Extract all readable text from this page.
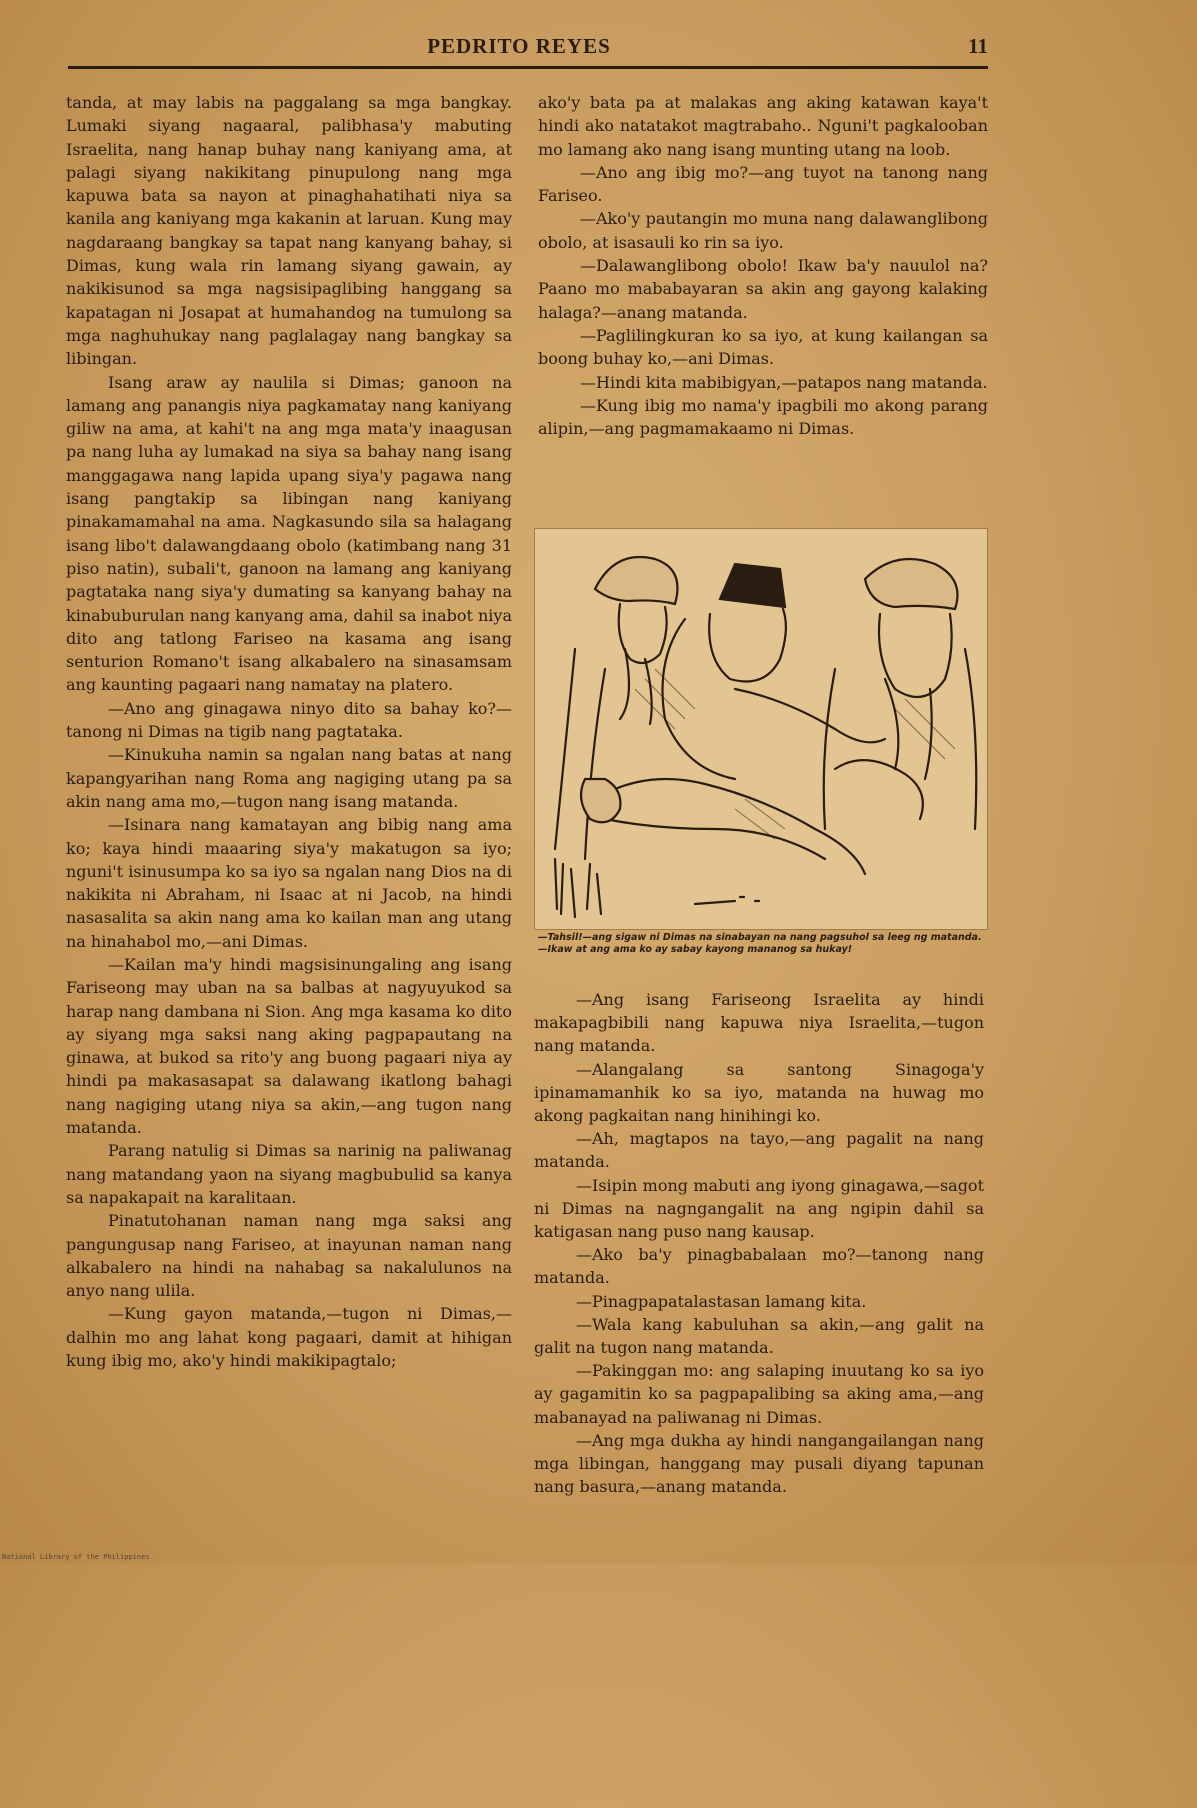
PEDRITO REYES	11

tanda, at may labis na paggalang sa mga bangkay. Lumaki siyang nagaaral, palibhasa'y mabuting Israelita, nang hanap buhay nang kaniyang ama, at palagi siyang nakikitang pinupulong nang mga kapuwa bata sa nayon at pinaghahatihati niya sa kanila ang kaniyang mga kakanin at laruan. Kung may nagdaraang bangkay sa tapat nang kanyang bahay, si Dimas, kung wala rin lamang siyang gawain, ay nakikisunod sa mga nagsisipaglibing hanggang sa kapatagan ni Josapat at humahandog na tumulong sa mga naghuhukay nang paglalagay nang bangkay sa libingan.

Isang araw ay naulila si Dimas; ganoon na lamang ang panangis niya pagkamatay nang kaniyang giliw na ama, at kahi't na ang mga mata'y inaagusan pa nang luha ay lumakad na siya sa bahay nang isang manggagawa nang lapida upang siya'y pagawa nang isang pangtakip sa libingan nang kaniyang pinakamamahal na ama. Nagkasundo sila sa halagang isang libo't dalawangdaang obolo (katimbang nang 31 piso natin), subali't, ganoon na lamang ang kaniyang pagtataka nang siya'y dumating sa kanyang bahay na kinabuburulan nang kanyang ama, dahil sa inabot niya dito ang tatlong Fariseo na kasama ang isang senturion Romano't isang alkabalero na sinasamsam ang kaunting pagaari nang namatay na platero.

—Ano ang ginagawa ninyo dito sa bahay ko?—tanong ni Dimas na tigib nang pagtataka.

—Kinukuha namin sa ngalan nang batas at nang kapangyarihan nang Roma ang nagiging utang pa sa akin nang ama mo,—tugon nang isang matanda.

—Isinara nang kamatayan ang bibig nang ama ko; kaya hindi maaaring siya'y makatugon sa iyo; nguni't isinusumpa ko sa iyo sa ngalan nang Dios na di nakikita ni Abraham, ni Isaac at ni Jacob, na hindi nasasalita sa akin nang ama ko kailan man ang utang na hinahabol mo,—ani Dimas.

—Kailan ma'y hindi magsisinungaling ang isang Fariseong may uban na sa balbas at nagyuyukod sa harap nang dambana ni Sion. Ang mga kasama ko dito ay siyang mga saksi nang aking pagpapautang na ginawa, at bukod sa rito'y ang buong pagaari niya ay hindi pa makasasapat sa dalawang ikatlong bahagi nang nagiging utang niya sa akin,—ang tugon nang matanda.

Parang natulig si Dimas sa narinig na paliwanag nang matandang yaon na siyang magbubulid sa kanya sa napakapait na karalitaan.

Pinatutohanan naman nang mga saksi ang pangungusap nang Fariseo, at inayunan naman nang alkabalero na hindi na nahabag sa nakalulunos na anyo nang ulila.

—Kung gayon matanda,—tugon ni Dimas,—dalhin mo ang lahat kong pagaari, damit at hihigan kung ibig mo, ako'y hindi makikipagtalo;

ako'y bata pa at malakas ang aking katawan kaya't hindi ako natatakot magtrabaho.. Nguni't pagkalooban mo lamang ako nang isang munting utang na loob.

—Ano ang ibig mo?—ang tuyot na tanong nang Fariseo.

—Ako'y pautangin mo muna nang dalawanglibong obolo, at isasauli ko rin sa iyo.

—Dalawanglibong obolo! Ikaw ba'y nauulol na? Paano mo mababayaran sa akin ang gayong kalaking halaga?—anang matanda.

—Paglilingkuran ko sa iyo, at kung kailangan sa boong buhay ko,—ani Dimas.

—Hindi kita mabibigyan,—patapos nang matanda.

—Kung ibig mo nama'y ipagbili mo akong parang alipin,—ang pagmamakaamo ni Dimas.

—Tahsil!—ang sigaw ni Dimas na sinabayan na nang pagsuhol sa leeg ng matanda.—Ikaw at ang ama ko ay sabay kayong mananog sa hukay!

—Ang isang Fariseong Israelita ay hindi makapagbibili nang kapuwa niya Israelita,—tugon nang matanda.

—Alangalang sa santong Sinagoga'y ipinamamanhik ko sa iyo, matanda na huwag mo akong pagkaitan nang hinihingi ko.

—Ah, magtapos na tayo,—ang pagalit na nang matanda.

—Isipin mong mabuti ang iyong ginagawa,—sagot ni Dimas na nagngangalit na ang ngipin dahil sa katigasan nang puso nang kausap.

—Ako ba'y pinagbabalaan mo?—tanong nang matanda.

—Pinagpapatalastasan lamang kita.

—Wala kang kabuluhan sa akin,—ang galit na galit na tugon nang matanda.

—Pakinggan mo: ang salaping inuutang ko sa iyo ay gagamitin ko sa pagpapalibing sa aking ama,—ang mabanayad na paliwanag ni Dimas.

—Ang mga dukha ay hindi nangangailangan nang mga libingan, hanggang may pusali diyang tapunan nang basura,—anang matanda.

National Library of the Philippines
